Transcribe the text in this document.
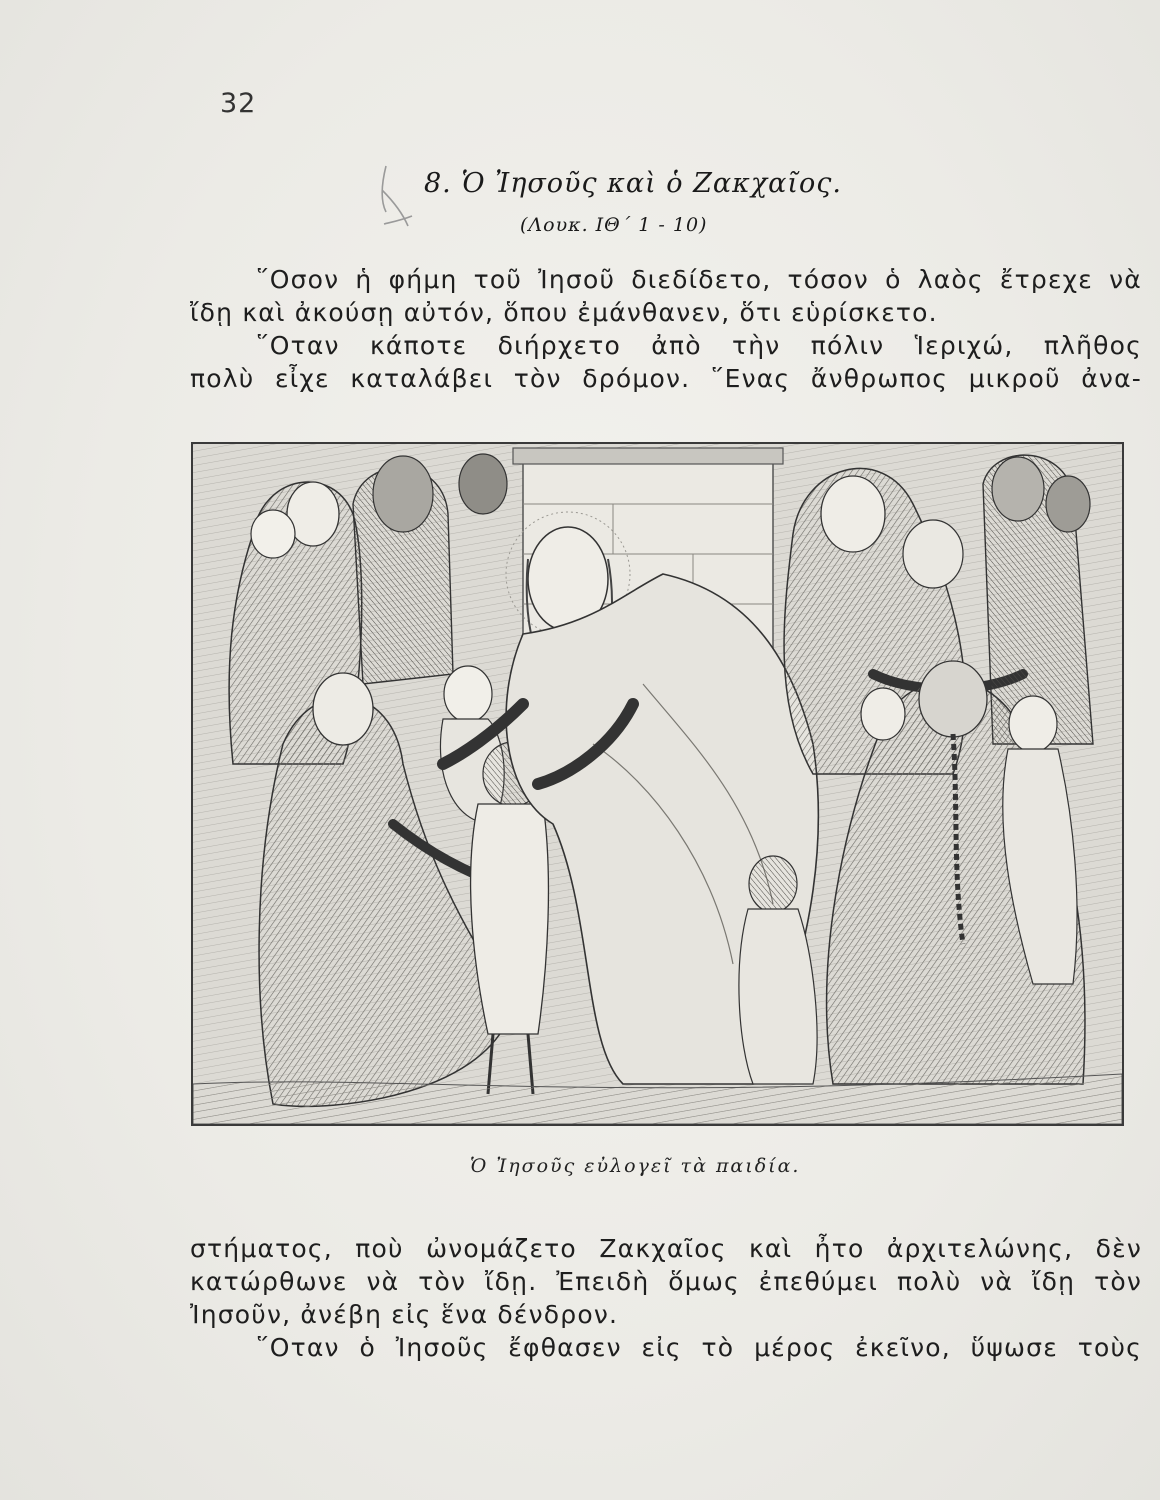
32
8. Ὁ Ἰησοῦς καὶ ὁ Ζακχαῖος.
(Λουκ. ΙΘ΄ 1 - 10)
῞Οσον ἡ φήμη τοῦ Ἰησοῦ διεδίδετο, τόσον ὁ λαὸς ἔτρεχε νὰ
ἴδῃ καὶ ἀκούσῃ αὐτόν, ὅπου ἐμάνθανεν, ὅτι εὑρίσκετο.
῞Οταν κάποτε διήρχετο ἀπὸ τὴν πόλιν Ἱεριχώ, πλῆθος
πολὺ εἶχε καταλάβει τὸν δρόμον. ῞Ενας ἄνθρωπος μικροῦ ἀνα-
Ὁ Ἰησοῦς εὐλογεῖ τὰ παιδία.
στήματος, ποὺ ὠνομάζετο Ζακχαῖος καὶ ἦτο ἀρχιτελώνης, δὲν
κατώρθωνε νὰ τὸν ἴδῃ. Ἐπειδὴ ὅμως ἐπεθύμει πολὺ νὰ ἴδῃ τὸν
Ἰησοῦν, ἀνέβη εἰς ἕνα δένδρον.
῞Οταν ὁ Ἰησοῦς ἔφθασεν εἰς τὸ μέρος ἐκεῖνο, ὕψωσε τοὺς
